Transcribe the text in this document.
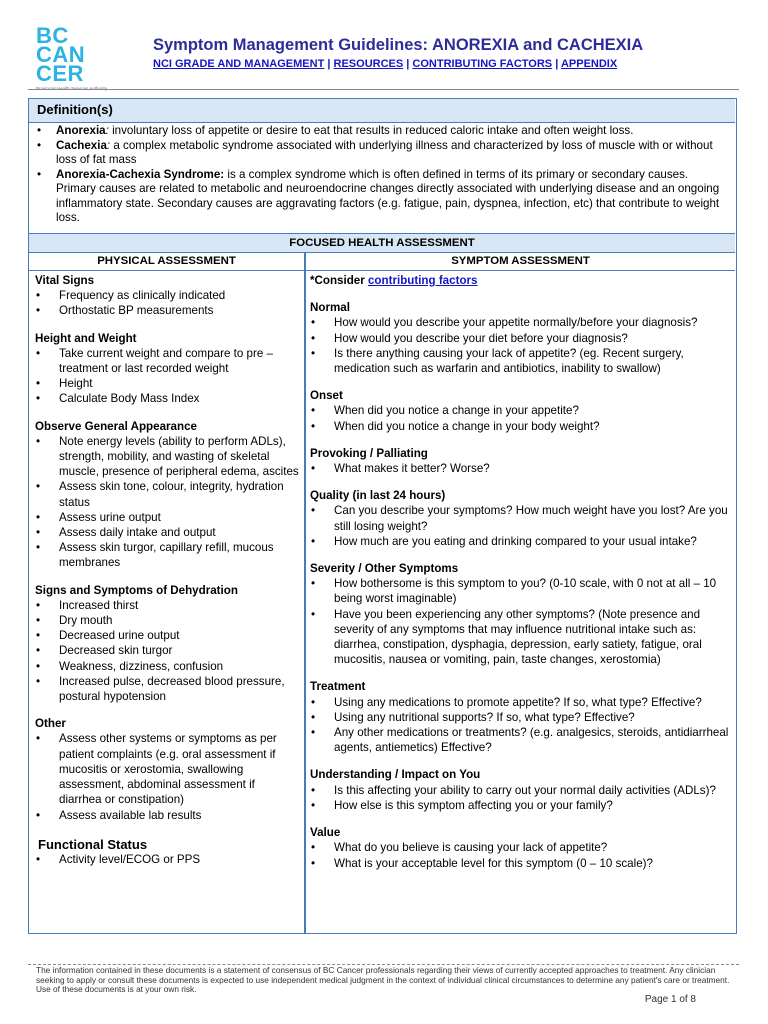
BC
CAN
CER
Symptom Management Guidelines: ANOREXIA and CACHEXIA
NCI GRADE AND MANAGEMENT | RESOURCES | CONTRIBUTING FACTORS | APPENDIX
Definition(s)
• Anorexia: involuntary loss of appetite or desire to eat that results in reduced caloric intake and often weight loss.
• Cachexia: a complex metabolic syndrome associated with underlying illness and characterized by loss of muscle with or without loss of fat mass
• Anorexia-Cachexia Syndrome: is a complex syndrome which is often defined in terms of its primary or secondary causes. Primary causes are related to metabolic and neuroendocrine changes directly associated with underlying disease and an ongoing inflammatory state. Secondary causes are aggravating factors (e.g. fatigue, pain, dyspnea, infection, etc) that contribute to weight loss.
FOCUSED HEALTH ASSESSMENT
PHYSICAL ASSESSMENT	SYMPTOM ASSESSMENT
Vital Signs
• Frequency as clinically indicated
• Orthostatic BP measurements
Height and Weight
• Take current weight and compare to pre – treatment or last recorded weight
• Height
• Calculate Body Mass Index
Observe General Appearance
• Note energy levels (ability to perform ADLs), strength, mobility, and wasting of skeletal muscle, presence of peripheral edema, ascites
• Assess skin tone, colour, integrity, hydration status
• Assess urine output
• Assess daily intake and output
• Assess skin turgor, capillary refill, mucous membranes
Signs and Symptoms of Dehydration
• Increased thirst
• Dry mouth
• Decreased urine output
• Decreased skin turgor
• Weakness, dizziness, confusion
• Increased pulse, decreased blood pressure, postural hypotension
Other
• Assess other systems or symptoms as per patient complaints (e.g. oral assessment if mucositis or xerostomia, swallowing assessment, abdominal assessment if diarrhea or constipation)
• Assess available lab results
Functional Status
• Activity level/ECOG or PPS
*Consider contributing factors
Normal
• How would you describe your appetite normally/before your diagnosis?
• How would you describe your diet before your diagnosis?
• Is there anything causing your lack of appetite? (eg. Recent surgery, medication such as warfarin and antibiotics, inability to swallow)
Onset
• When did you notice a change in your appetite?
• When did you notice a change in your body weight?
Provoking / Palliating
• What makes it better? Worse?
Quality (in last 24 hours)
• Can you describe your symptoms? How much weight have you lost? Are you still losing weight?
• How much are you eating and drinking compared to your usual intake?
Severity / Other Symptoms
• How bothersome is this symptom to you? (0-10 scale, with 0 not at all – 10 being worst imaginable)
• Have you been experiencing any other symptoms? (Note presence and severity of any symptoms that may influence nutritional intake such as: diarrhea, constipation, dysphagia, depression, early satiety, fatigue, oral mucositis, nausea or vomiting, pain, taste changes, xerostomia)
Treatment
• Using any medications to promote appetite? If so, what type? Effective?
• Using any nutritional supports? If so, what type? Effective?
• Any other medications or treatments? (e.g. analgesics, steroids, antidiarrheal agents, antiemetics) Effective?
Understanding / Impact on You
• Is this affecting your ability to carry out your normal daily activities (ADLs)?
• How else is this symptom affecting you or your family?
Value
• What do you believe is causing your lack of appetite?
• What is your acceptable level for this symptom (0 – 10 scale)?
The information contained in these documents is a statement of consensus of BC Cancer professionals regarding their views of currently accepted approaches to treatment. Any clinician seeking to apply or consult these documents is expected to use independent medical judgment in the context of individual clinical circumstances to determine any patient's care or treatment. Use of these documents is at your own risk.
Page 1 of 8
